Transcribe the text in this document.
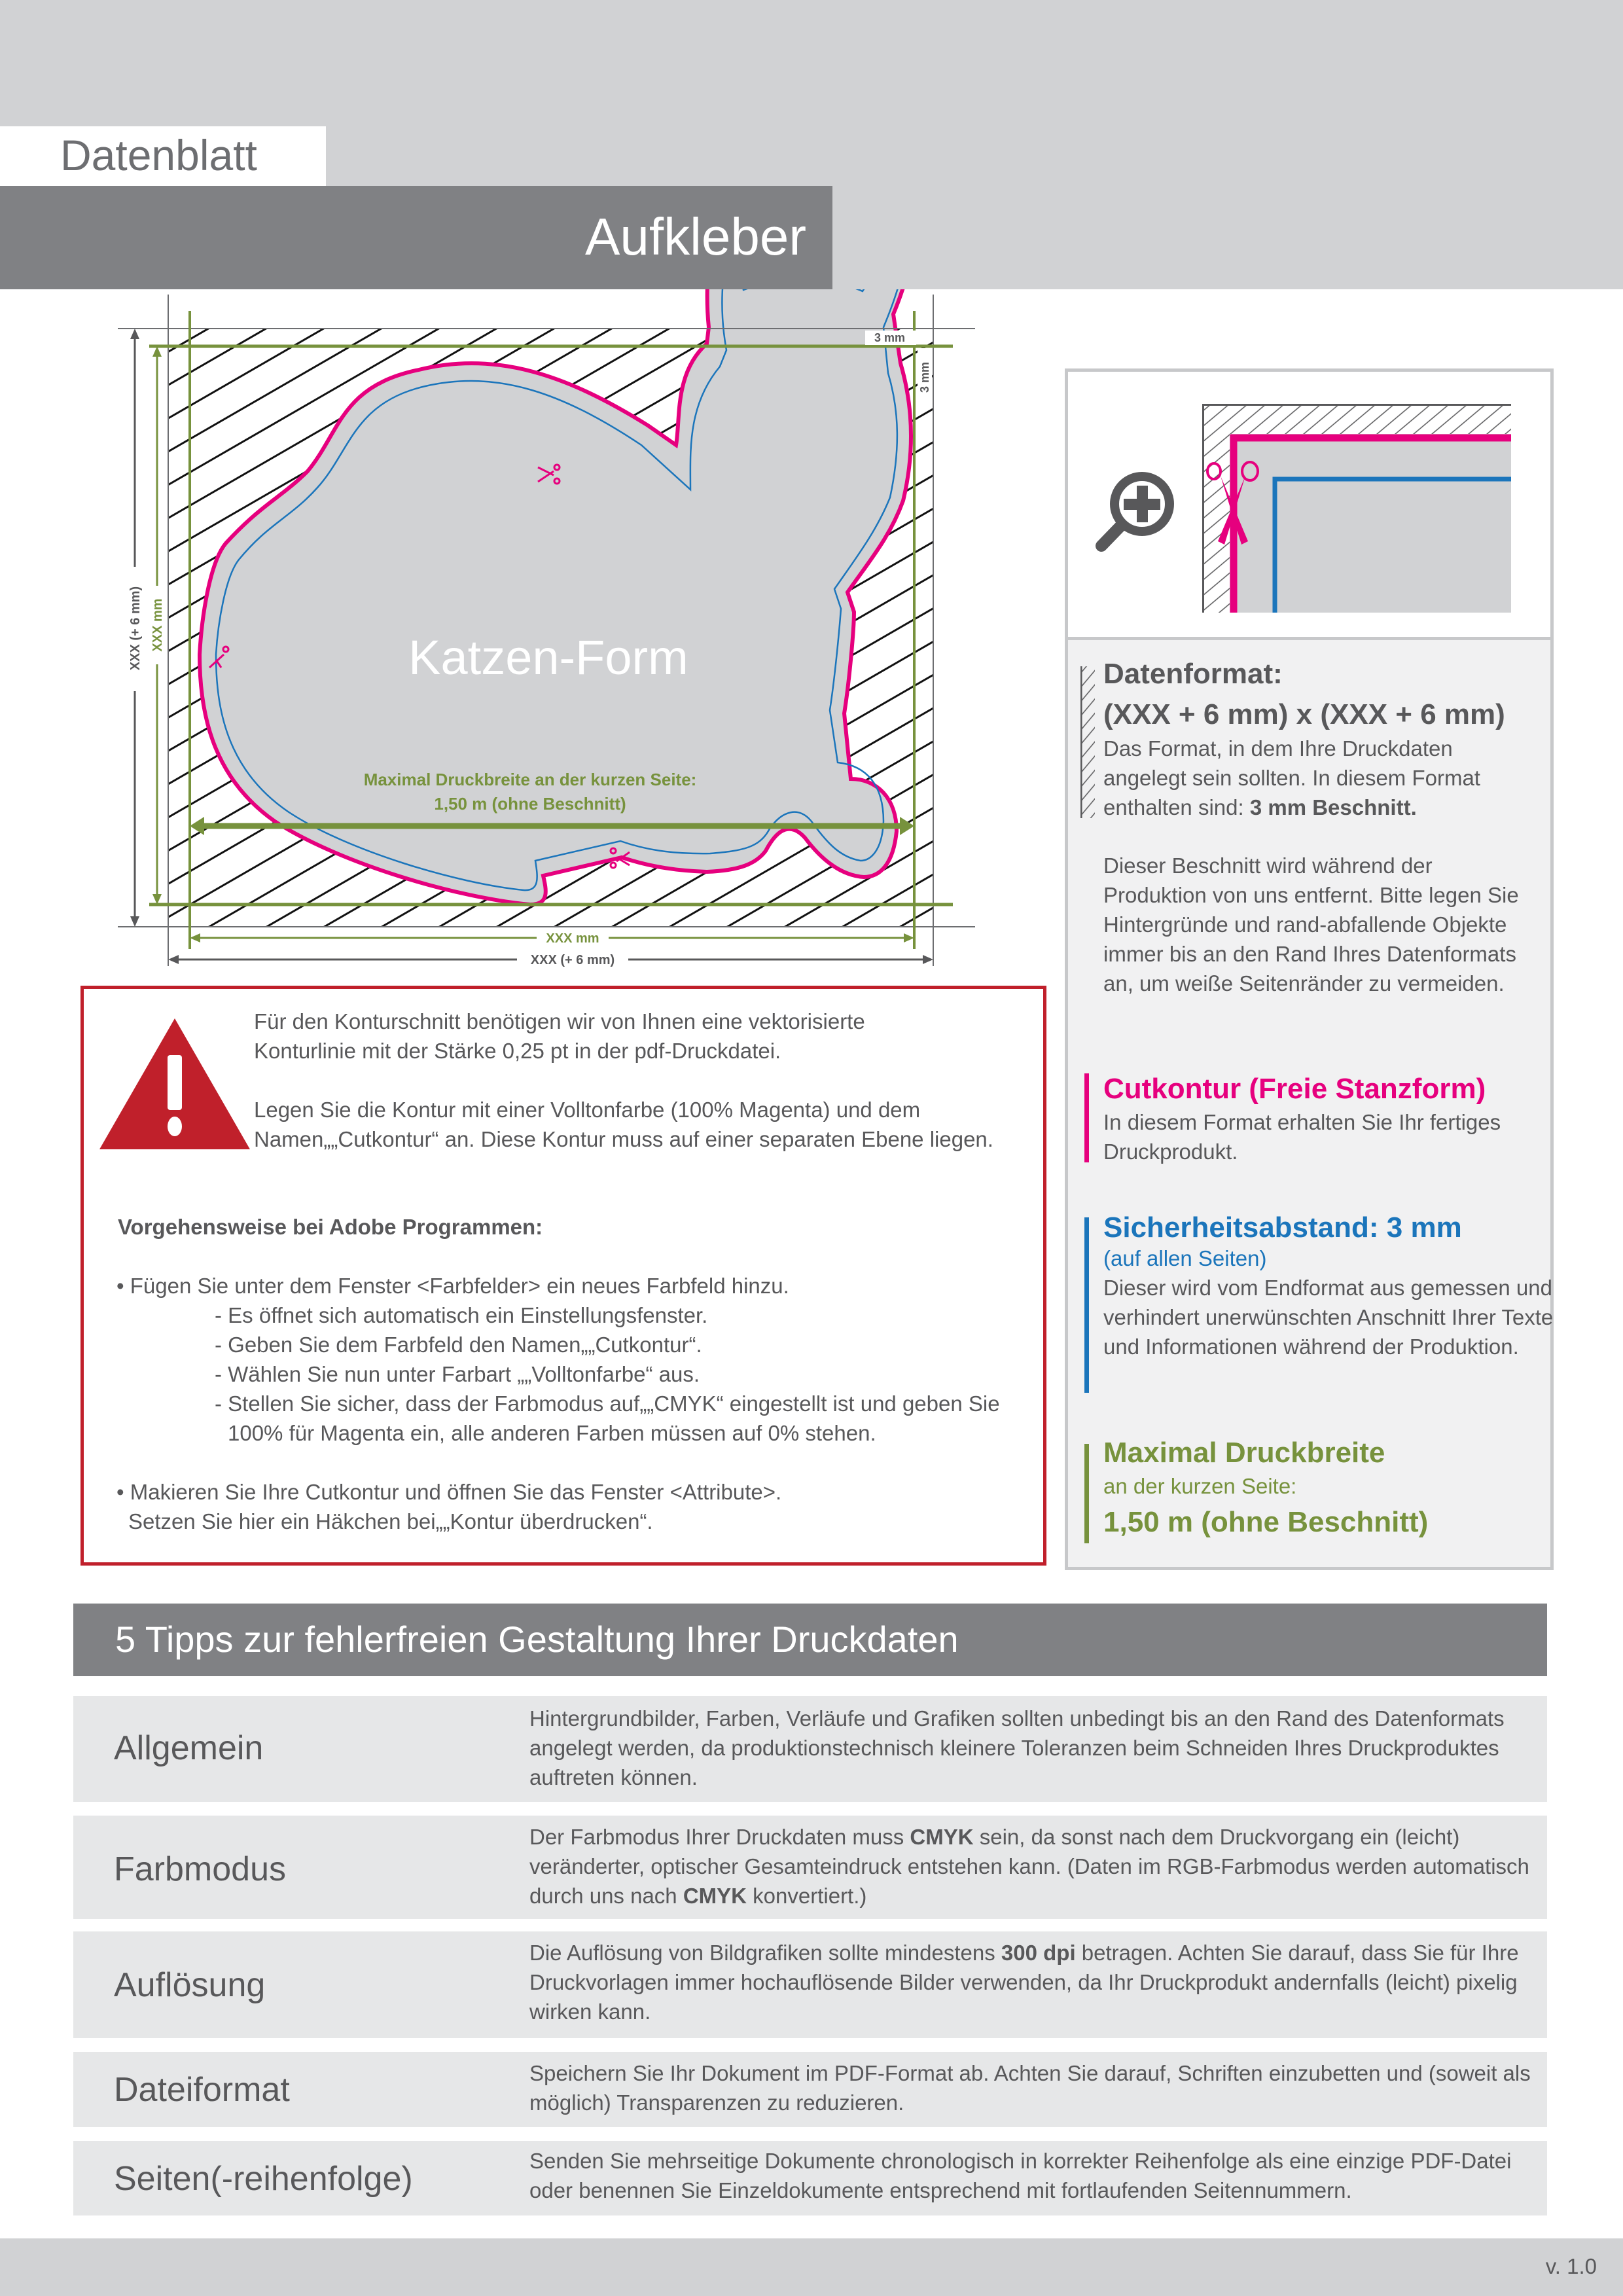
Datenblatt
Aufkleber
Katzen-Form
Maximal Druckbreite an der kurzen Seite:
1,50 m (ohne Beschnitt)
XXX mm
XXX (+ 6 mm)
XXX (+ 6 mm) XXX mm
3 mm
3 mm
Für den Konturschnitt benötigen wir von Ihnen eine vektorisierte
Konturlinie mit der Stärke 0,25 pt in der pdf-Druckdatei.
Legen Sie die Kontur mit einer Volltonfarbe (100% Magenta) und dem
Namen„„Cutkontur“ an. Diese Kontur muss auf einer separaten Ebene liegen.
Vorgehensweise bei Adobe Programmen:
• Fügen Sie unter dem Fenster <Farbfelder> ein neues Farbfeld hinzu.
- Es öffnet sich automatisch ein Einstellungsfenster.
- Geben Sie dem Farbfeld den Namen„„Cutkontur“.
- Wählen Sie nun unter Farbart „„Volltonfarbe“ aus.
- Stellen Sie sicher, dass der Farbmodus auf„„CMYK“ eingestellt ist und geben Sie
100% für Magenta ein, alle anderen Farben müssen auf 0% stehen.
• Makieren Sie Ihre Cutkontur und öffnen Sie das Fenster <Attribute>.
Setzen Sie hier ein Häkchen bei„„Kontur überdrucken“.
Datenformat:
(XXX + 6 mm) x (XXX + 6 mm)
Das Format, in dem Ihre Druckdaten angelegt sein sollten. In diesem Format enthalten sind: 3 mm Beschnitt.
Dieser Beschnitt wird während der Produktion von uns entfernt. Bitte legen Sie Hintergründe und rand-abfallende Objekte immer bis an den Rand Ihres Datenformats an, um weiße Seitenränder zu vermeiden.
Cutkontur (Freie Stanzform)
In diesem Format erhalten Sie Ihr fertiges Druckprodukt.
Sicherheitsabstand: 3 mm
(auf allen Seiten)
Dieser wird vom Endformat aus gemessen und verhindert unerwünschten Anschnitt Ihrer Texte und Informationen während der Produktion.
Maximal Druckbreite
an der kurzen Seite:
1,50 m (ohne Beschnitt)
5 Tipps zur fehlerfreien Gestaltung Ihrer Druckdaten
Allgemein
Hintergrundbilder, Farben, Verläufe und Grafiken sollten unbedingt bis an den Rand des Datenformats angelegt werden, da produktionstechnisch kleinere Toleranzen beim Schneiden Ihres Druckproduktes auftreten können.
Farbmodus
Der Farbmodus Ihrer Druckdaten muss CMYK sein, da sonst nach dem Druckvorgang ein (leicht) veränderter, optischer Gesamteindruck entstehen kann. (Daten im RGB-Farbmodus werden automatisch durch uns nach CMYK konvertiert.)
Auflösung
Die Auflösung von Bildgrafiken sollte mindestens 300 dpi betragen. Achten Sie darauf, dass Sie für Ihre Druckvorlagen immer hochauflösende Bilder verwenden, da Ihr Druckprodukt andernfalls (leicht) pixelig wirken kann.
Dateiformat	Speichern Sie Ihr Dokument im PDF-Format ab. Achten Sie darauf, Schriften einzubetten und (soweit als möglich) Transparenzen zu reduzieren.
Seiten(-reihenfolge)	Senden Sie mehrseitige Dokumente chronologisch in korrekter Reihenfolge als eine einzige PDF-Datei oder benennen Sie Einzeldokumente entsprechend mit fortlaufenden Seitennummern.
v. 1.0
